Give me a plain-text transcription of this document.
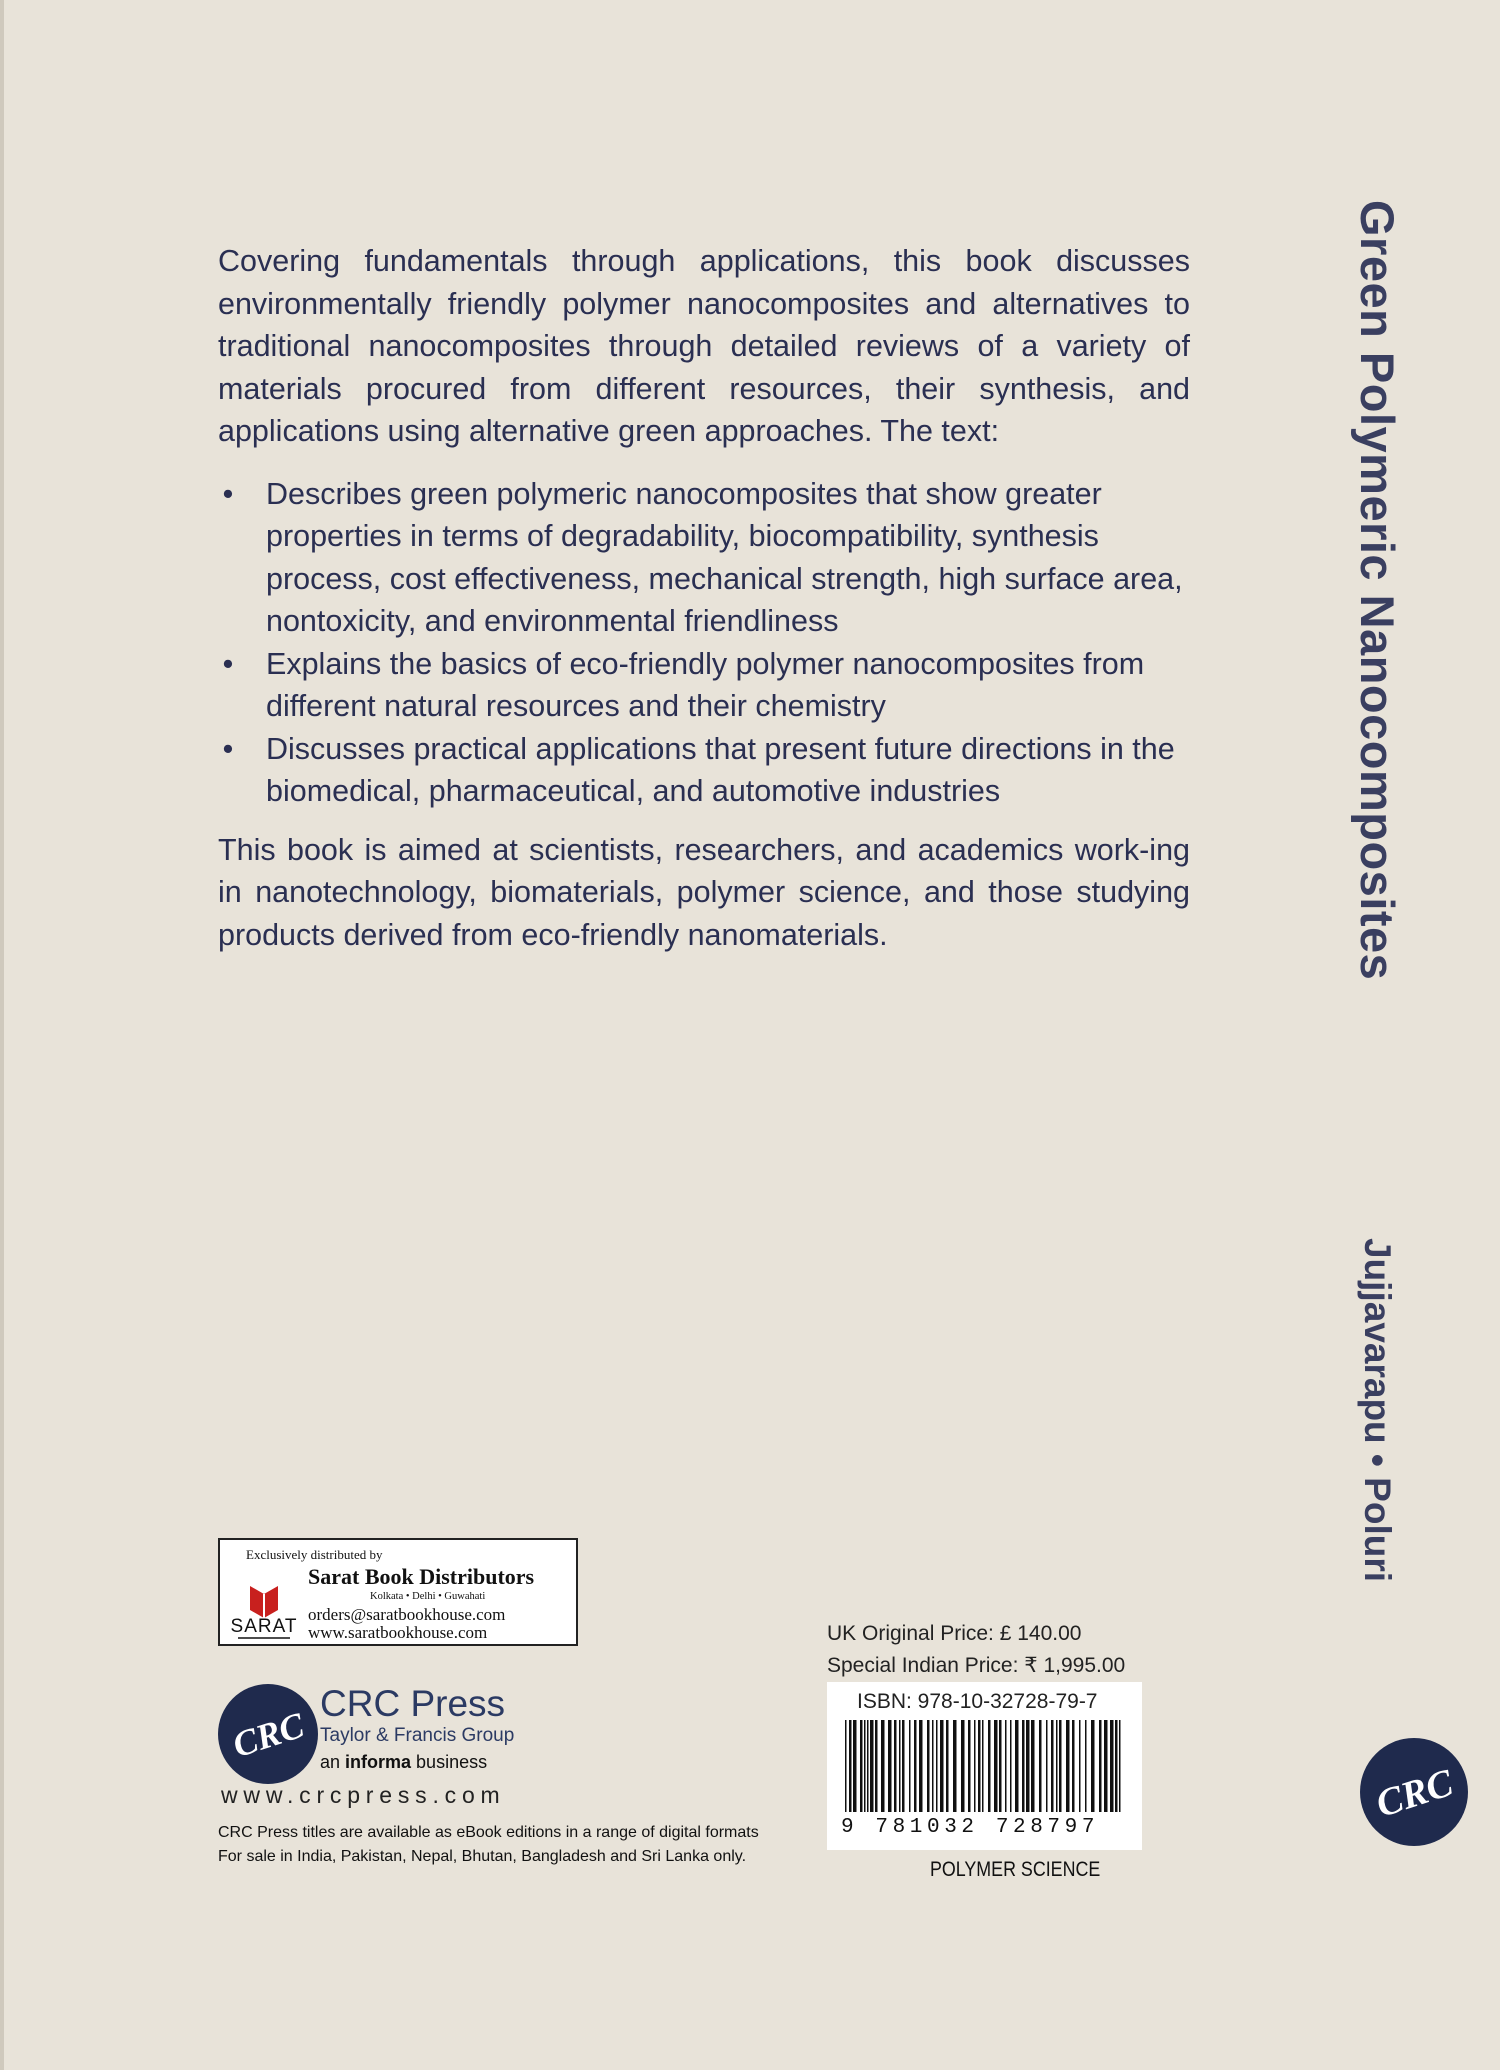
Covering fundamentals through applications, this book discusses environmentally friendly polymer nanocomposites and alternatives to traditional nanocomposites through detailed reviews of a variety of materials procured from different resources, their synthesis, and applications using alternative green approaches. The text:

• Describes green polymeric nanocomposites that show greater properties in terms of degradability, biocompatibility, synthesis process, cost effectiveness, mechanical strength, high surface area, nontoxicity, and environmental friendliness
• Explains the basics of eco-friendly polymer nanocomposites from different natural resources and their chemistry
• Discusses practical applications that present future directions in the biomedical, pharmaceutical, and automotive industries

This book is aimed at scientists, researchers, and academics work-ing in nanotechnology, biomaterials, polymer science, and those studying products derived from eco-friendly nanomaterials.	Green Polymeric Nanocomposites
Jujjavarapu • Poluri
CRC
Exclusively distributed by
Sarat Book Distributors
Kolkata • Delhi • Guwahati
SARAT
orders@saratbookhouse.com
www.saratbookhouse.com
CRC
CRC Press
Taylor & Francis Group
an informa business
www.crcpress.com
CRC Press titles are available as eBook editions in a range of digital formats
For sale in India, Pakistan, Nepal, Bhutan, Bangladesh and Sri Lanka only.
UK Original Price: £ 140.00
Special Indian Price: ₹ 1,995.00
ISBN: 978-10-32728-79-7
9 781032 728797
POLYMER SCIENCE
